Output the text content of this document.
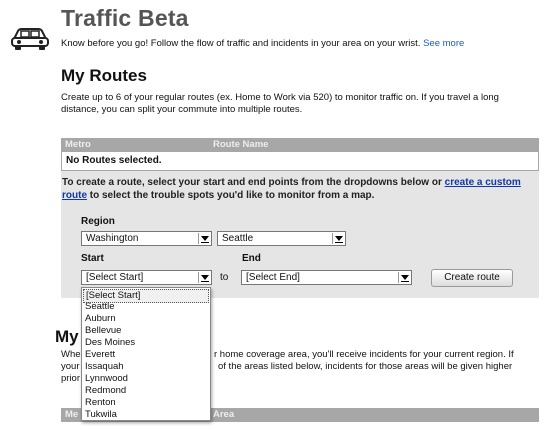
Traffic Beta
Know before you go! Follow the flow of traffic and incidents in your area on your wrist. See more
My Routes
Create up to 6 of your regular routes (ex. Home to Work via 520) to monitor traffic on. If you travel a long distance, you can split your commute into multiple routes.
Metro	Route Name
No Routes selected.
To create a route, select your start and end points from the dropdowns below or create a custom route to select the trouble spots you'd like to monitor from a map.
Region
Washington	Seattle
Start	End
[Select Start]	to [Select End]	Create route
My
Whe	r home coverage area, you'll receive incidents for your current region. If
your	of the areas listed below, incidents for those areas will be given higher
prior
Me	Area
[Select Start]
Seattle
Auburn
Bellevue
Des Moines
Everett
Issaquah
Lynnwood
Redmond
Renton
Tukwila
